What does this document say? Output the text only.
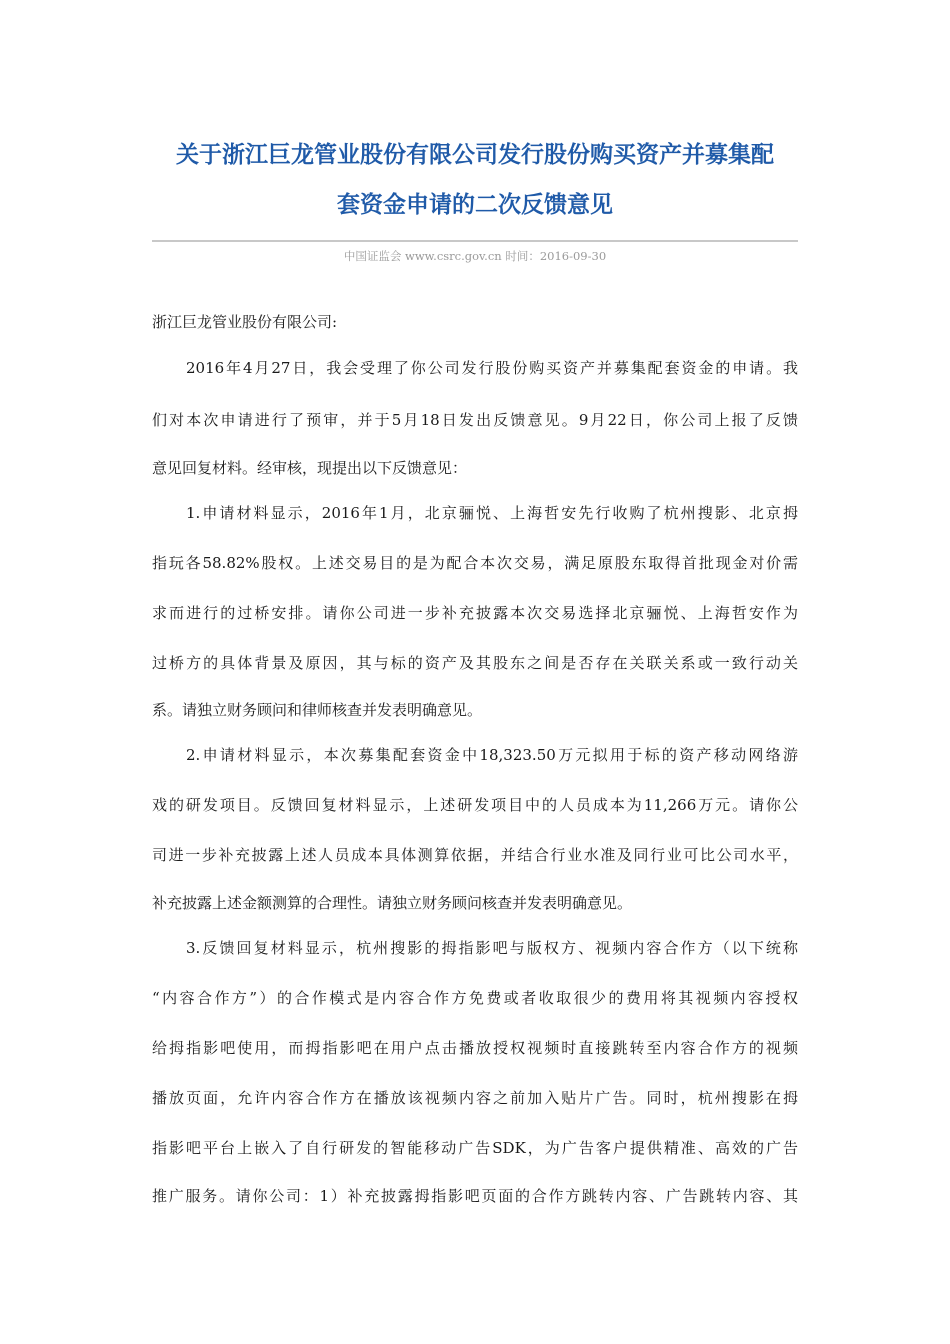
关于浙江巨龙管业股份有限公司发行股份购买资产并募集配
套资金申请的二次反馈意见
中国证监会 www.csrc.gov.cn 时间：2016-09-30
浙江巨龙管业股份有限公司:
2016年4月27日，我会受理了你公司发行股份购买资产并募集配套资金的申请。我
们对本次申请进行了预审，并于5月18日发出反馈意见。9月22日，你公司上报了反馈
意见回复材料。经审核，现提出以下反馈意见：
1.申请材料显示，2016年1月，北京骊悦、上海哲安先行收购了杭州搜影、北京拇
指玩各58.82%股权。上述交易目的是为配合本次交易，满足原股东取得首批现金对价需
求而进行的过桥安排。请你公司进一步补充披露本次交易选择北京骊悦、上海哲安作为
过桥方的具体背景及原因，其与标的资产及其股东之间是否存在关联关系或一致行动关
系。请独立财务顾问和律师核查并发表明确意见。
2.申请材料显示，本次募集配套资金中18,323.50万元拟用于标的资产移动网络游
戏的研发项目。反馈回复材料显示，上述研发项目中的人员成本为11,266万元。请你公
司进一步补充披露上述人员成本具体测算依据，并结合行业水准及同行业可比公司水平，
补充披露上述金额测算的合理性。请独立财务顾问核查并发表明确意见。
3.反馈回复材料显示，杭州搜影的拇指影吧与版权方、视频内容合作方（以下统称
“内容合作方”）的合作模式是内容合作方免费或者收取很少的费用将其视频内容授权
给拇指影吧使用，而拇指影吧在用户点击播放授权视频时直接跳转至内容合作方的视频
播放页面，允许内容合作方在播放该视频内容之前加入贴片广告。同时，杭州搜影在拇
指影吧平台上嵌入了自行研发的智能移动广告SDK，为广告客户提供精准、高效的广告
推广服务。请你公司：1）补充披露拇指影吧页面的合作方跳转内容、广告跳转内容、其
